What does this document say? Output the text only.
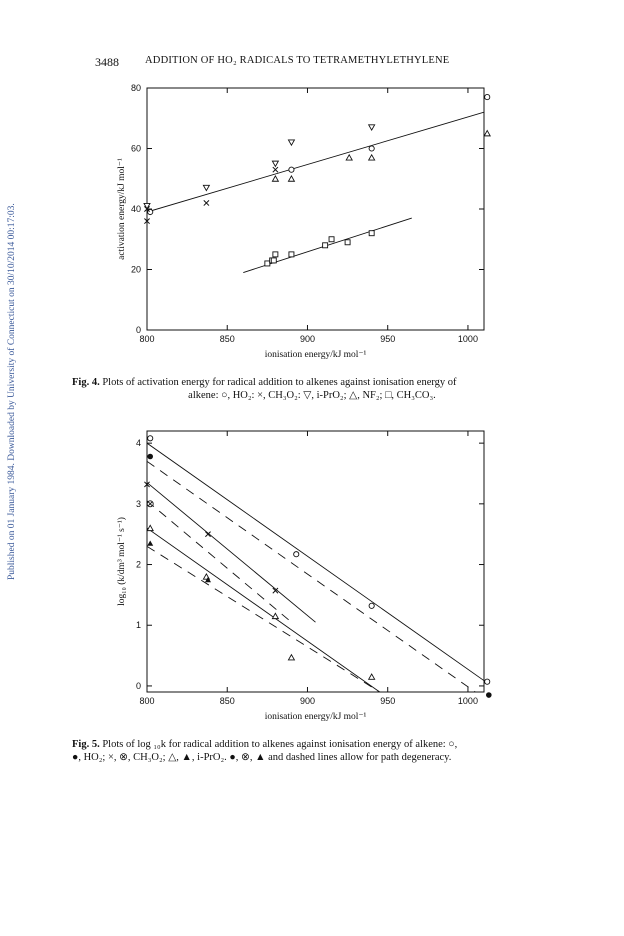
Published on 01 January 1984. Downloaded by University of Connecticut on 30/10/2014 00:17:03.
3488 ADDITION OF HO₂ RADICALS TO TETRAMETHYLETHYLENE
800	850	900	950	1000
0
20
40
60
80
ionisation energy/kJ mol⁻¹
activation energy/kJ mol⁻¹
Fig. 4. Plots of activation energy for radical addition to alkenes against ionisation energy of
alkene: ○, HO₂: ×, CH₃O₂: ▽, i-PrO₂; △, NF₂; □, CH₃CO₃.
800	850	900	950	1000
0
1
2
3
4
ionisation energy/kJ mol⁻¹
log₁₀ (k/dm³ mol⁻¹ s⁻¹)
Fig. 5. Plots of log ₁₀k for radical addition to alkenes against ionisation energy of alkene: ○,
●, HO₂; ×, ⊗, CH₃O₂; △, ▲, i-PrO₂. ●, ⊗, ▲ and dashed lines allow for path degeneracy.
